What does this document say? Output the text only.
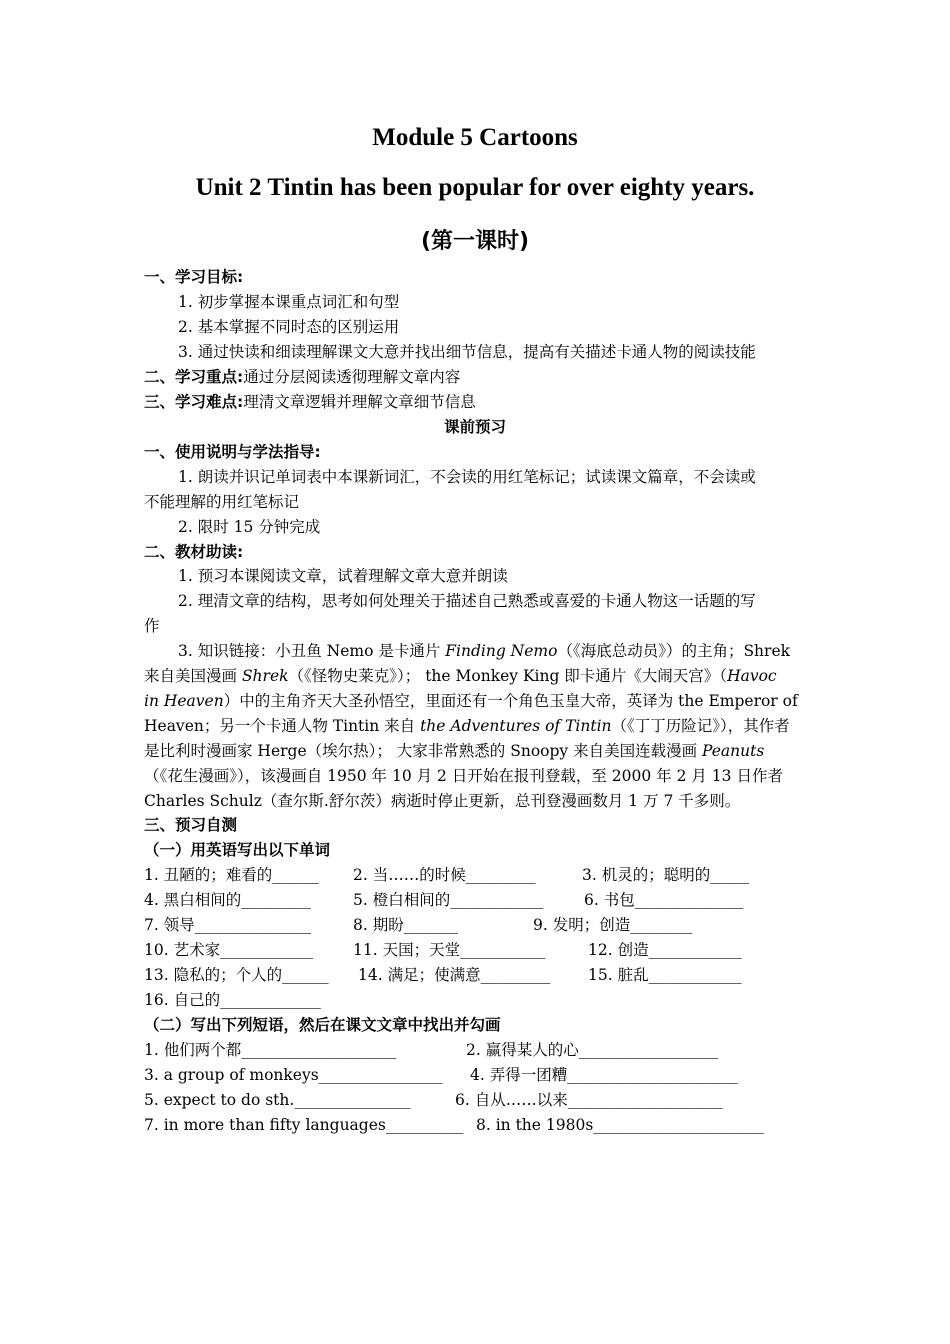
Module 5 Cartoons
Unit 2 Tintin has been popular for over eighty years.
(第一课时)
一、学习目标:
1. 初步掌握本课重点词汇和句型
2. 基本掌握不同时态的区别运用
3. 通过快读和细读理解课文大意并找出细节信息，提高有关描述卡通人物的阅读技能
二、学习重点:通过分层阅读透彻理解文章内容
三、学习难点:理清文章逻辑并理解文章细节信息
课前预习
一、使用说明与学法指导:
1. 朗读并识记单词表中本课新词汇，不会读的用红笔标记；试读课文篇章，不会读或
不能理解的用红笔标记
2. 限时 15 分钟完成
二、教材助读:
1. 预习本课阅读文章，试着理解文章大意并朗读
2. 理清文章的结构，思考如何处理关于描述自己熟悉或喜爱的卡通人物这一话题的写
作
3. 知识链接：小丑鱼 Nemo 是卡通片 Finding Nemo（《海底总动员》）的主角；Shrek
来自美国漫画 Shrek（《怪物史莱克》）； the Monkey King 即卡通片《大闹天宫》（Havoc
in Heaven）中的主角齐天大圣孙悟空，里面还有一个角色玉皇大帝，英译为 the Emperor of
Heaven；另一个卡通人物 Tintin 来自 the Adventures of Tintin（《丁丁历险记》），其作者
是比利时漫画家 Herge（埃尔热）； 大家非常熟悉的 Snoopy 来自美国连载漫画 Peanuts
（《花生漫画》），该漫画自 1950 年 10 月 2 日开始在报刊登载，至 2000 年 2 月 13 日作者
Charles Schulz（查尔斯.舒尔茨）病逝时停止更新，总刊登漫画数月 1 万 7 千多则。
三、预习自测
（一）用英语写出以下单词
1. 丑陋的；难看的______ 2. 当……的时候_________	3. 机灵的；聪明的_____
4. 黑白相间的_________	5. 橙白相间的____________	6. 书包______________
7. 领导_______________	8. 期盼_______	9. 发明；创造________
10. 艺术家____________	11. 天国；天堂___________	12. 创造____________
13. 隐私的；个人的______ 14. 满足；使满意_________ 15. 脏乱____________
16. 自己的_____________
（二）写出下列短语，然后在课文文章中找出并勾画
1. 他们两个都____________________	2. 赢得某人的心__________________
3. a group of monkeys________________ 4. 弄得一团糟______________________
5. expect to do sth._______________	6. 自从……以来____________________
7. in more than fifty languages__________ 8. in the 1980s______________________
